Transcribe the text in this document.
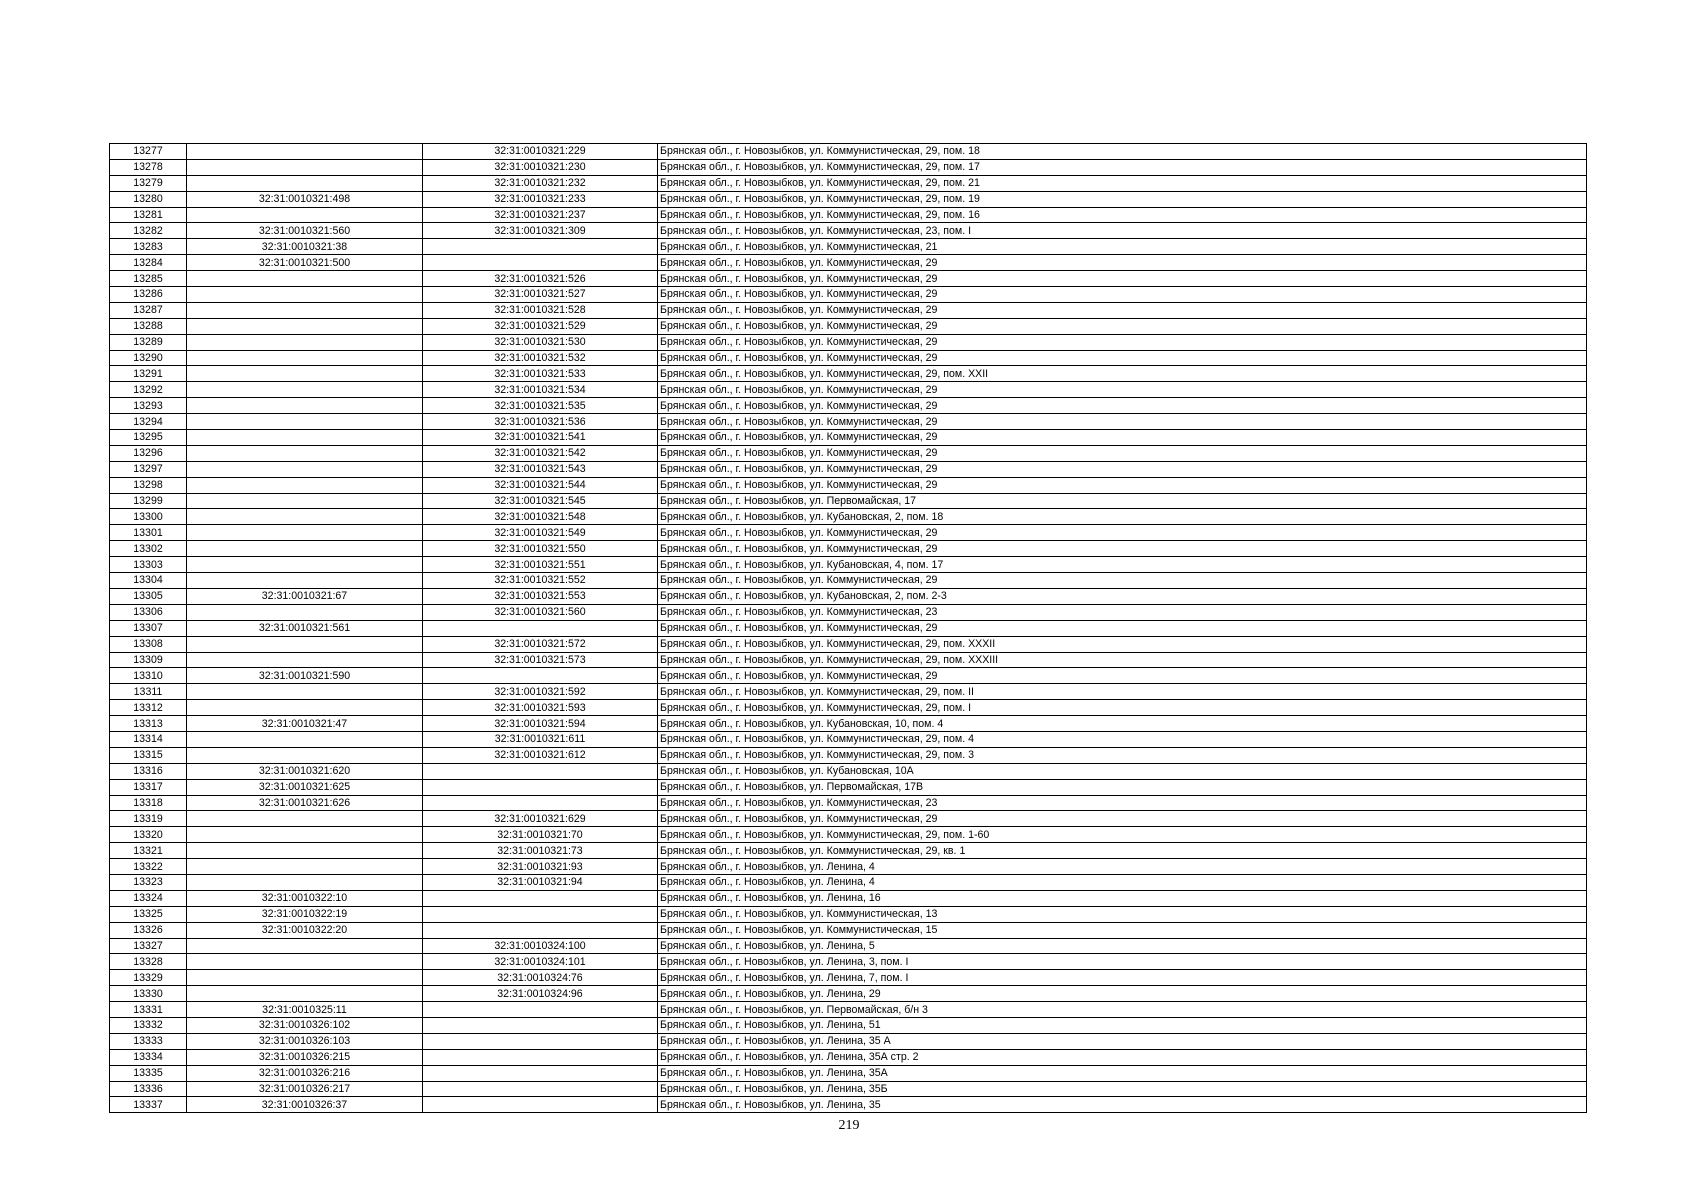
13277		32:31:0010321:229	Брянская обл., г. Новозыбков, ул. Коммунистическая, 29, пом. 18
13278		32:31:0010321:230	Брянская обл., г. Новозыбков, ул. Коммунистическая, 29, пом. 17
13279		32:31:0010321:232	Брянская обл., г. Новозыбков, ул. Коммунистическая, 29, пом. 21
13280	32:31:0010321:498	32:31:0010321:233	Брянская обл., г. Новозыбков, ул. Коммунистическая, 29, пом. 19
13281		32:31:0010321:237	Брянская обл., г. Новозыбков, ул. Коммунистическая, 29, пом. 16
13282	32:31:0010321:560	32:31:0010321:309	Брянская обл., г. Новозыбков, ул. Коммунистическая, 23, пом. I
13283	32:31:0010321:38		Брянская обл., г. Новозыбков, ул. Коммунистическая, 21
13284	32:31:0010321:500		Брянская обл., г. Новозыбков, ул. Коммунистическая, 29
13285		32:31:0010321:526	Брянская обл., г. Новозыбков, ул. Коммунистическая, 29
13286		32:31:0010321:527	Брянская обл., г. Новозыбков, ул. Коммунистическая, 29
13287		32:31:0010321:528	Брянская обл., г. Новозыбков, ул. Коммунистическая, 29
13288		32:31:0010321:529	Брянская обл., г. Новозыбков, ул. Коммунистическая, 29
13289		32:31:0010321:530	Брянская обл., г. Новозыбков, ул. Коммунистическая, 29
13290		32:31:0010321:532	Брянская обл., г. Новозыбков, ул. Коммунистическая, 29
13291		32:31:0010321:533	Брянская обл., г. Новозыбков, ул. Коммунистическая, 29, пом. XXII
13292		32:31:0010321:534	Брянская обл., г. Новозыбков, ул. Коммунистическая, 29
13293		32:31:0010321:535	Брянская обл., г. Новозыбков, ул. Коммунистическая, 29
13294		32:31:0010321:536	Брянская обл., г. Новозыбков, ул. Коммунистическая, 29
13295		32:31:0010321:541	Брянская обл., г. Новозыбков, ул. Коммунистическая, 29
13296		32:31:0010321:542	Брянская обл., г. Новозыбков, ул. Коммунистическая, 29
13297		32:31:0010321:543	Брянская обл., г. Новозыбков, ул. Коммунистическая, 29
13298		32:31:0010321:544	Брянская обл., г. Новозыбков, ул. Коммунистическая, 29
13299		32:31:0010321:545	Брянская обл., г. Новозыбков, ул. Первомайская, 17
13300		32:31:0010321:548	Брянская обл., г. Новозыбков, ул. Кубановская, 2, пом. 18
13301		32:31:0010321:549	Брянская обл., г. Новозыбков, ул. Коммунистическая, 29
13302		32:31:0010321:550	Брянская обл., г. Новозыбков, ул. Коммунистическая, 29
13303		32:31:0010321:551	Брянская обл., г. Новозыбков, ул. Кубановская, 4, пом. 17
13304		32:31:0010321:552	Брянская обл., г. Новозыбков, ул. Коммунистическая, 29
13305	32:31:0010321:67	32:31:0010321:553	Брянская обл., г. Новозыбков, ул. Кубановская, 2, пом. 2-3
13306		32:31:0010321:560	Брянская обл., г. Новозыбков, ул. Коммунистическая, 23
13307	32:31:0010321:561		Брянская обл., г. Новозыбков, ул. Коммунистическая, 29
13308		32:31:0010321:572	Брянская обл., г. Новозыбков, ул. Коммунистическая, 29, пом. XXXII
13309		32:31:0010321:573	Брянская обл., г. Новозыбков, ул. Коммунистическая, 29, пом. XXXIII
13310	32:31:0010321:590		Брянская обл., г. Новозыбков, ул. Коммунистическая, 29
13311		32:31:0010321:592	Брянская обл., г. Новозыбков, ул. Коммунистическая, 29, пом. II
13312		32:31:0010321:593	Брянская обл., г. Новозыбков, ул. Коммунистическая, 29, пом. I
13313	32:31:0010321:47	32:31:0010321:594	Брянская обл., г. Новозыбков, ул. Кубановская, 10, пом. 4
13314		32:31:0010321:611	Брянская обл., г. Новозыбков, ул. Коммунистическая, 29, пом. 4
13315		32:31:0010321:612	Брянская обл., г. Новозыбков, ул. Коммунистическая, 29, пом. 3
13316	32:31:0010321:620		Брянская обл., г. Новозыбков, ул. Кубановская, 10А
13317	32:31:0010321:625		Брянская обл., г. Новозыбков, ул. Первомайская, 17В
13318	32:31:0010321:626		Брянская обл., г. Новозыбков, ул. Коммунистическая, 23
13319		32:31:0010321:629	Брянская обл., г. Новозыбков, ул. Коммунистическая, 29
13320		32:31:0010321:70	Брянская обл., г. Новозыбков, ул. Коммунистическая, 29, пом. 1-60
13321		32:31:0010321:73	Брянская обл., г. Новозыбков, ул. Коммунистическая, 29, кв. 1
13322		32:31:0010321:93	Брянская обл., г. Новозыбков, ул. Ленина, 4
13323		32:31:0010321:94	Брянская обл., г. Новозыбков, ул. Ленина, 4
13324	32:31:0010322:10		Брянская обл., г. Новозыбков, ул. Ленина, 16
13325	32:31:0010322:19		Брянская обл., г. Новозыбков, ул. Коммунистическая, 13
13326	32:31:0010322:20		Брянская обл., г. Новозыбков, ул. Коммунистическая, 15
13327		32:31:0010324:100	Брянская обл., г. Новозыбков, ул. Ленина, 5
13328		32:31:0010324:101	Брянская обл., г. Новозыбков, ул. Ленина, 3, пом. I
13329		32:31:0010324:76	Брянская обл., г. Новозыбков, ул. Ленина, 7, пом. I
13330		32:31:0010324:96	Брянская обл., г. Новозыбков, ул. Ленина, 29
13331	32:31:0010325:11		Брянская обл., г. Новозыбков, ул. Первомайская, б/н 3
13332	32:31:0010326:102		Брянская обл., г. Новозыбков, ул. Ленина, 51
13333	32:31:0010326:103		Брянская обл., г. Новозыбков, ул. Ленина, 35 А
13334	32:31:0010326:215		Брянская обл., г. Новозыбков, ул. Ленина, 35А стр. 2
13335	32:31:0010326:216		Брянская обл., г. Новозыбков, ул. Ленина, 35А
13336	32:31:0010326:217		Брянская обл., г. Новозыбков, ул. Ленина, 35Б
13337	32:31:0010326:37		Брянская обл., г. Новозыбков, ул. Ленина, 35
219
